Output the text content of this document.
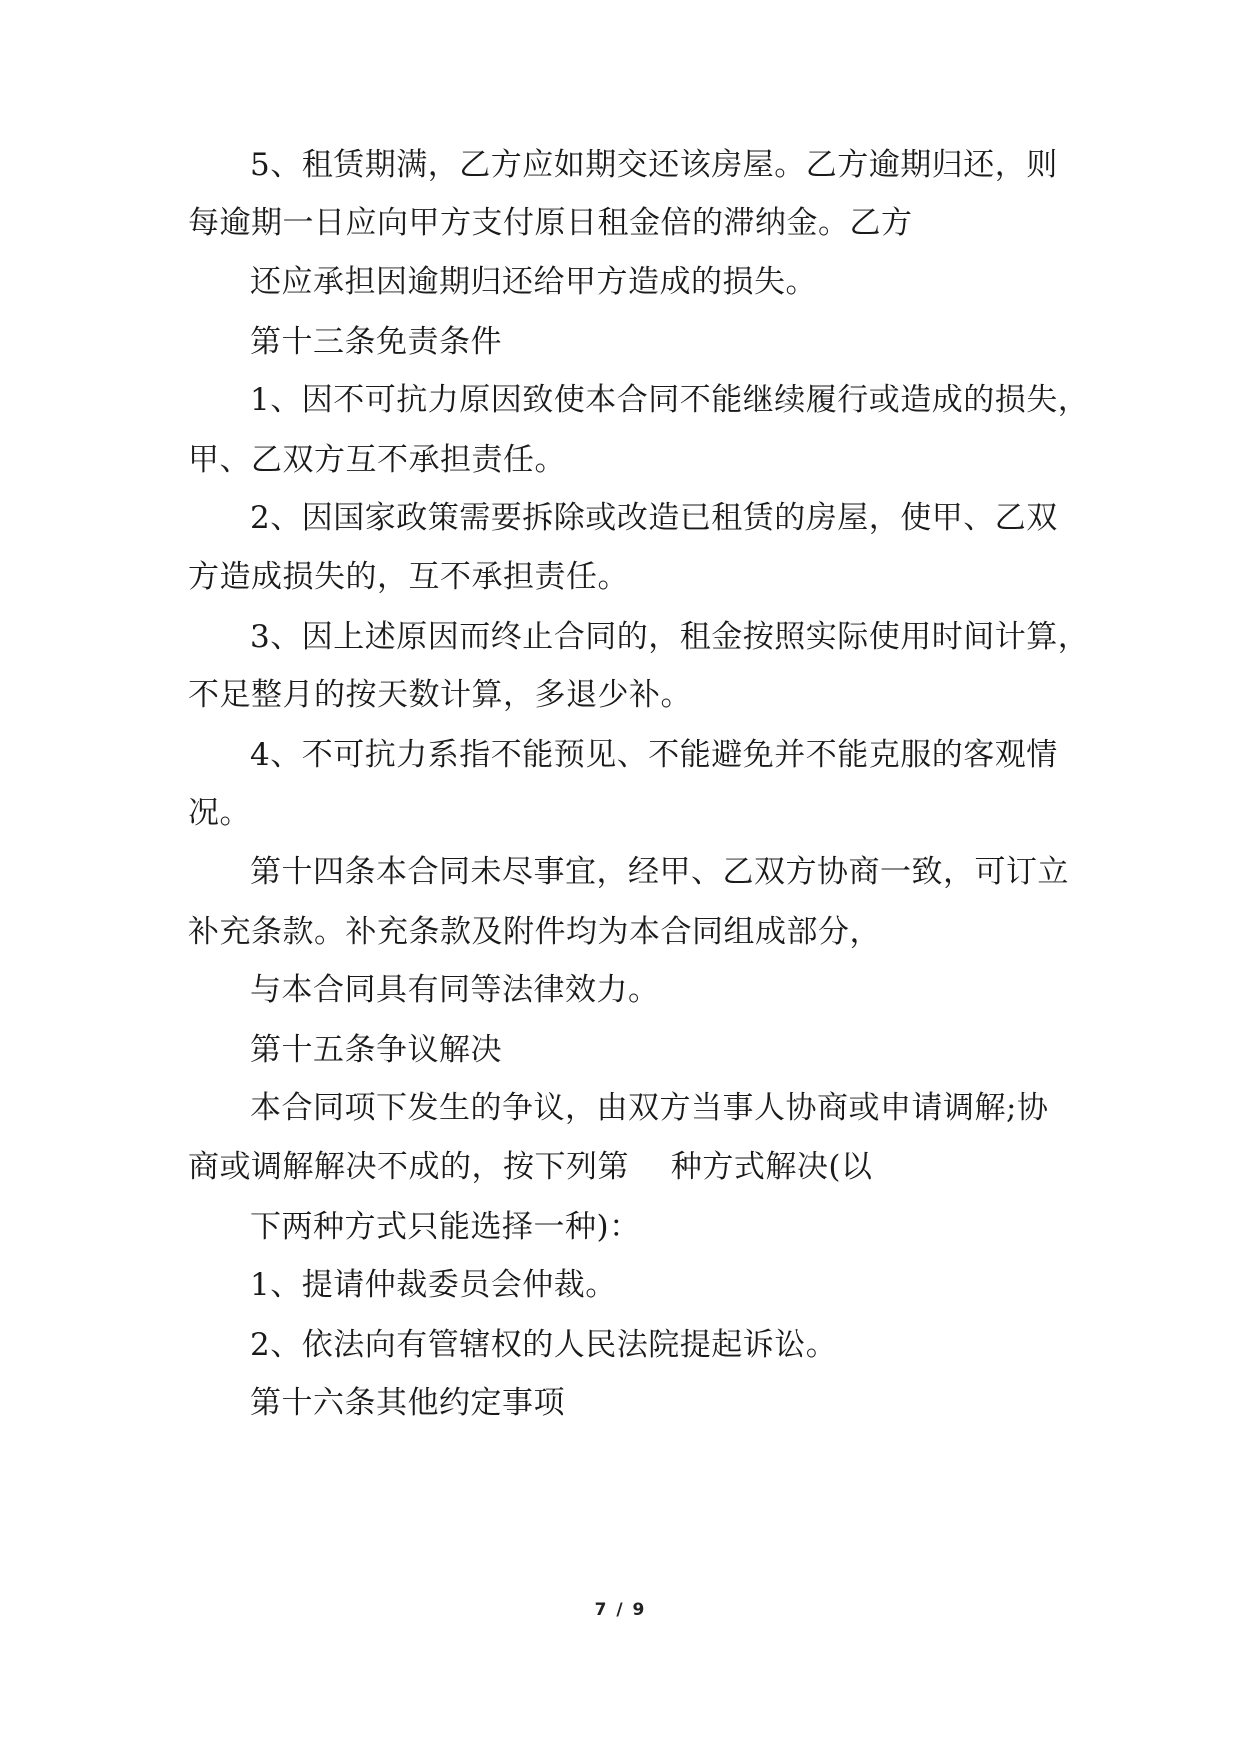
5、租赁期满，乙方应如期交还该房屋。乙方逾期归还，则
每逾期一日应向甲方支付原日租金倍的滞纳金。乙方
还应承担因逾期归还给甲方造成的损失。
第十三条免责条件
1、因不可抗力原因致使本合同不能继续履行或造成的损失，
甲、乙双方互不承担责任。
2、因国家政策需要拆除或改造已租赁的房屋，使甲、乙双
方造成损失的，互不承担责任。
3、因上述原因而终止合同的，租金按照实际使用时间计算，
不足整月的按天数计算，多退少补。
4、不可抗力系指不能预见、不能避免并不能克服的客观情
况。
第十四条本合同未尽事宜，经甲、乙双方协商一致，可订立
补充条款。补充条款及附件均为本合同组成部分，
与本合同具有同等法律效力。
第十五条争议解决
本合同项下发生的争议，由双方当事人协商或申请调解;协
商或调解解决不成的，按下列第　 种方式解决(以
下两种方式只能选择一种)：
1、提请仲裁委员会仲裁。
2、依法向有管辖权的人民法院提起诉讼。
第十六条其他约定事项
7 / 9
